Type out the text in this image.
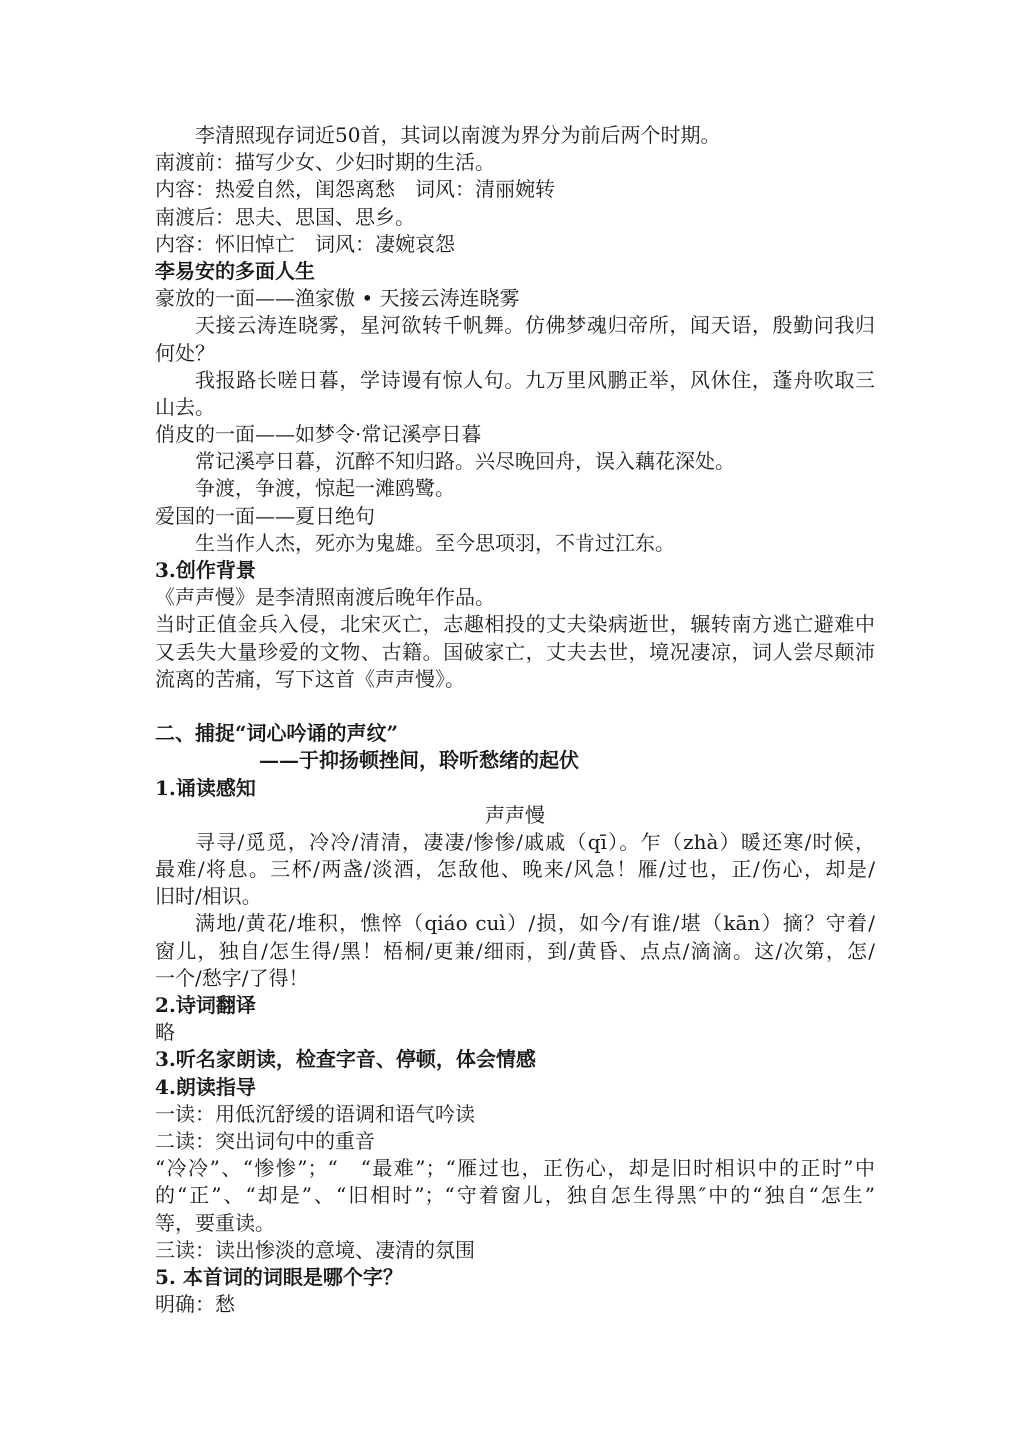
李清照现存词近50首，其词以南渡为界分为前后两个时期。
南渡前：描写少女、少妇时期的生活。
内容：热爱自然，闺怨离愁　词风：清丽婉转
南渡后：思夫、思国、思乡。
内容：怀旧悼亡　词风：凄婉哀怨
李易安的多面人生
豪放的一面——渔家傲 • 天接云涛连晓雾
天接云涛连晓雾，星河欲转千帆舞。仿佛梦魂归帝所，闻天语，殷勤问我归
何处？
我报路长嗟日暮，学诗谩有惊人句。九万里风鹏正举，风休住，蓬舟吹取三
山去。
俏皮的一面——如梦令·常记溪亭日暮
常记溪亭日暮，沉醉不知归路。兴尽晚回舟，误入藕花深处。
争渡，争渡，惊起一滩鸥鹭。
爱国的一面——夏日绝句
生当作人杰，死亦为鬼雄。至今思项羽，不肯过江东。
3.创作背景
《声声慢》是李清照南渡后晚年作品。
当时正值金兵入侵，北宋灭亡，志趣相投的丈夫染病逝世，辗转南方逃亡避难中
又丢失大量珍爱的文物、古籍。国破家亡，丈夫去世，境况凄凉，词人尝尽颠沛
流离的苦痛，写下这首《声声慢》。
二、捕捉“词心吟诵的声纹”
——于抑扬顿挫间，聆听愁绪的起伏
1.诵读感知
声声慢
寻寻/觅觅，冷冷/清清，凄凄/惨惨/戚戚（qī）。乍（zhà）暖还寒/时候，
最难/将息。三杯/两盏/淡酒，怎敌他、晚来/风急！雁/过也，正/伤心，却是/
旧时/相识。
满地/黄花/堆积，憔悴（qiáo cuì）/损，如今/有谁/堪（kān）摘？守着/
窗儿，独自/怎生得/黑！梧桐/更兼/细雨，到/黄昏、点点/滴滴。这/次第，怎/
一个/愁字/了得！
2.诗词翻译
略
3.听名家朗读，检查字音、停顿，体会情感
4.朗读指导
一读：用低沉舒缓的语调和语气吟读
二读：突出词句中的重音
“冷冷”、“惨惨”；“　“最难”；“雁过也，正伤心，却是旧时相识中的正时”中
的“正”、“却是”、“旧相时”；“守着窗儿，独自怎生得黑″中的“独自“怎生”
等，要重读。
三读：读出惨淡的意境、凄清的氛围
5. 本首词的词眼是哪个字？
明确：愁
